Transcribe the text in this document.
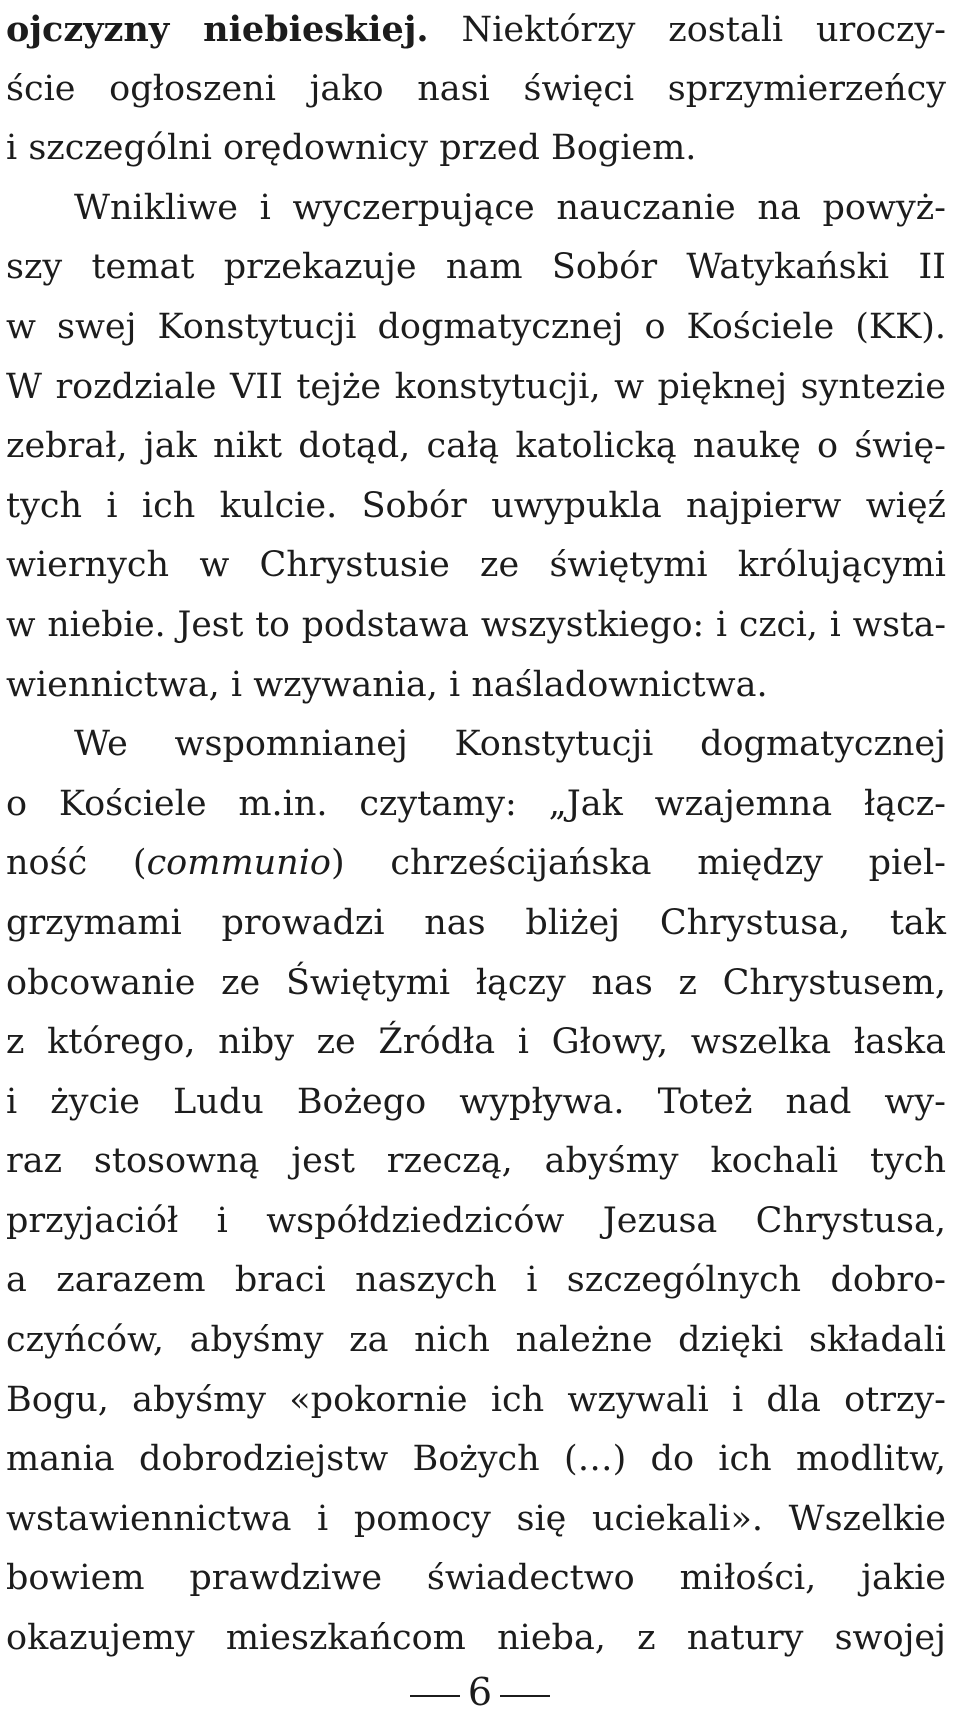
ojczyzny niebieskiej. Niektórzy zostali uroczy-
ście ogłoszeni jako nasi święci sprzymierzeńcy
i szczególni orędownicy przed Bogiem.
Wnikliwe i wyczerpujące nauczanie na powyż-
szy temat przekazuje nam Sobór Watykański II
w swej Konstytucji dogmatycznej o Kościele (KK).
W rozdziale VII tejże konstytucji, w pięknej syntezie
zebrał, jak nikt dotąd, całą katolicką naukę o świę-
tych i ich kulcie. Sobór uwypukla najpierw więź
wiernych w Chrystusie ze świętymi królującymi
w niebie. Jest to podstawa wszystkiego: i czci, i wsta-
wiennictwa, i wzywania, i naśladownictwa.
We wspomnianej Konstytucji dogmatycznej
o Kościele m.in. czytamy: „Jak wzajemna łącz-
ność (communio) chrześcijańska między piel-
grzymami prowadzi nas bliżej Chrystusa, tak
obcowanie ze Świętymi łączy nas z Chrystusem,
z którego, niby ze Źródła i Głowy, wszelka łaska
i życie Ludu Bożego wypływa. Toteż nad wy-
raz stosowną jest rzeczą, abyśmy kochali tych
przyjaciół i współdziedziców Jezusa Chrystusa,
a zarazem braci naszych i szczególnych dobro-
czyńców, abyśmy za nich należne dzięki składali
Bogu, abyśmy «pokornie ich wzywali i dla otrzy-
mania dobrodziejstw Bożych (…) do ich modlitw,
wstawiennictwa i pomocy się uciekali». Wszelkie
bowiem prawdziwe świadectwo miłości, jakie
okazujemy mieszkańcom nieba, z natury swojej
6
